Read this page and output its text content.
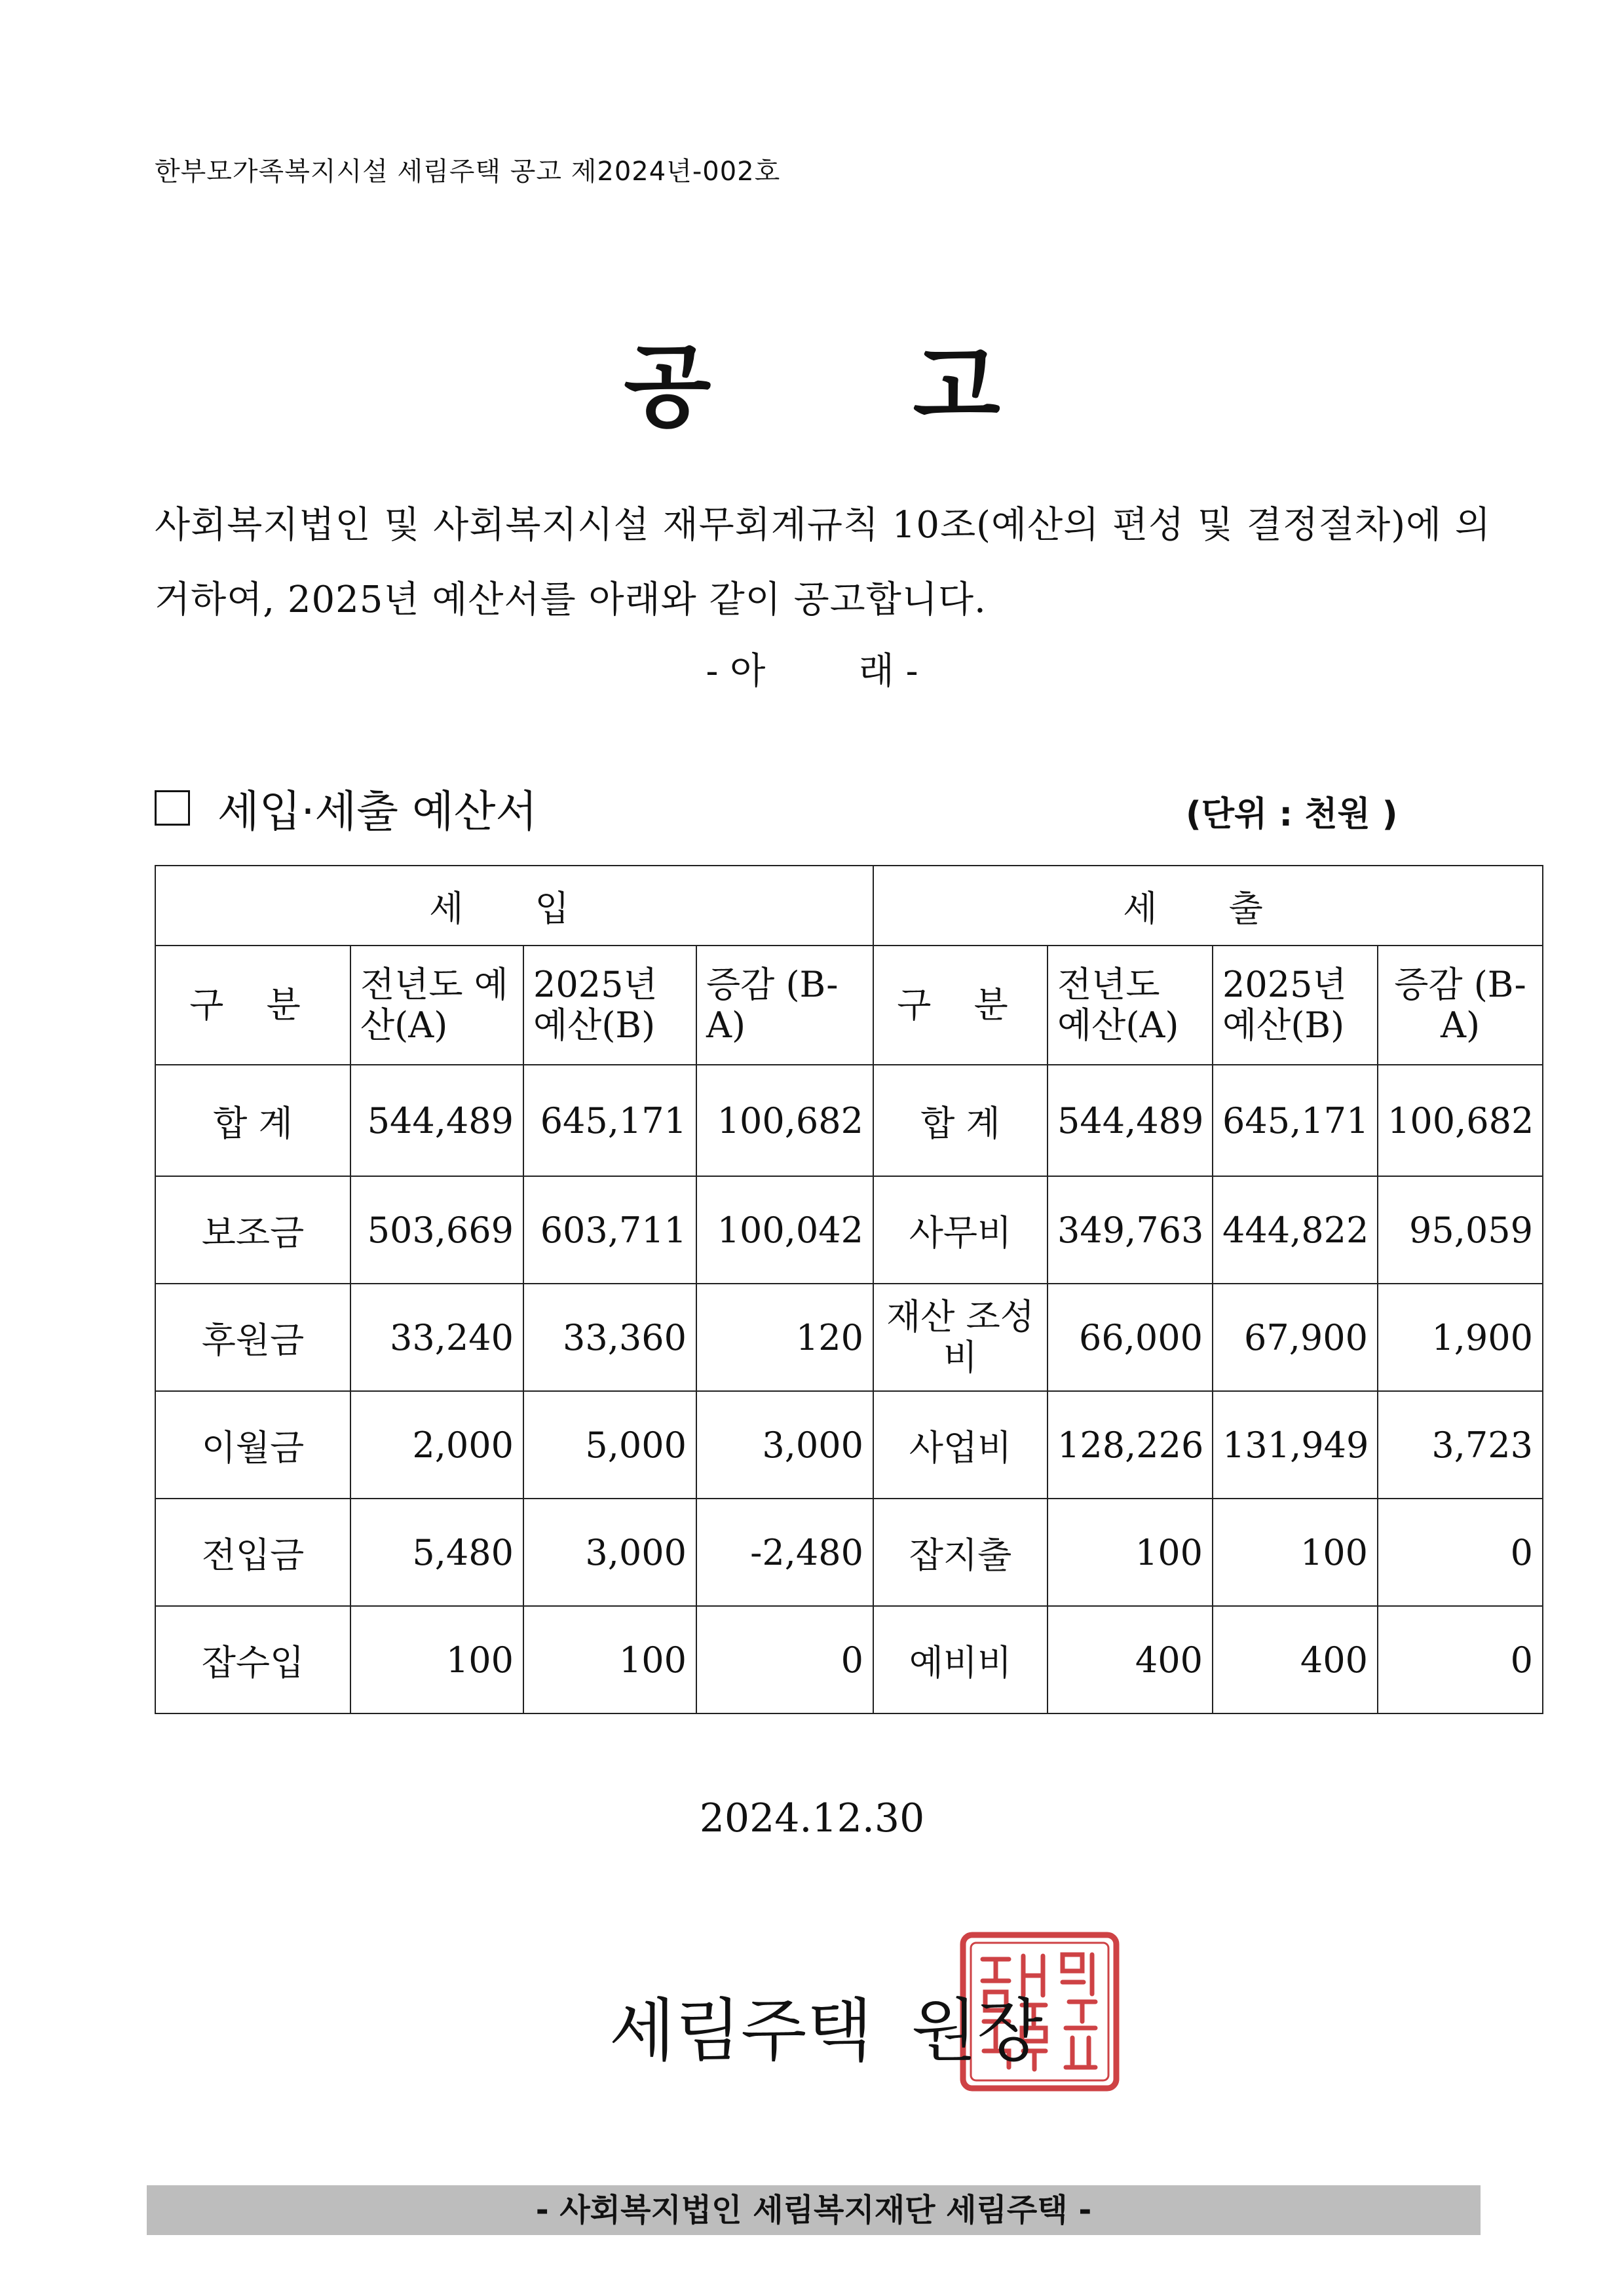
한부모가족복지시설 세림주택 공고 제2024년-002호
공 고
사회복지법인 및 사회복지시설 재무회계규칙 10조(예산의 편성 및 결정절차)에 의거하여, 2025년 예산서를 아래와 같이 공고합니다.
- 아        래 -
세입·세출 예산서	(단위 : 천원 )
세 입				세 출			
구 분	전년도 예산(A)	2025년 예산(B)	증감 (B-A)	구 분	전년도 예산(A)	2025년 예산(B)	증감 (B-A)
합 계	544,489	645,171	100,682	합 계	544,489	645,171	100,682
보조금	503,669	603,711	100,042	사무비	349,763	444,822	95,059
후원금	33,240	33,360	120	재산 조성비	66,000	67,900	1,900
이월금	2,000	5,000	3,000	사업비	128,226	131,949	3,723
전입금	5,480	3,000	-2,480	잡지출	100	100	0
잡수입	100	100	0	예비비	400	400	0
2024.12.30
세림주택 원장
- 사회복지법인 세림복지재단 세림주택 -
